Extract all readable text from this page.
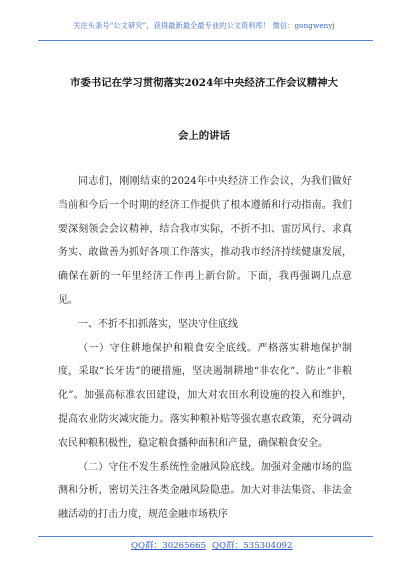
关注头条号“公文研究”，获得最新最全最专业的公文资料库！ 微信：gongwenyj
市委书记在学习贯彻落实2024年中央经济工作会议精神大
会上的讲话

同志们，刚刚结束的2024年中央经济工作会议，为我们做好当前和今后一个时期的经济工作提供了根本遵循和行动指南。我们要深刻领会会议精神，结合我市实际，不折不扣、雷厉风行、求真务实、敢做善为抓好各项工作落实，推动我市经济持续健康发展，确保在新的一年里经济工作再上新台阶。下面，我再强调几点意见。

一、不折不扣抓落实，坚决守住底线

（一）守住耕地保护和粮食安全底线。严格落实耕地保护制度，采取“长牙齿”的硬措施，坚决遏制耕地“非农化”、防止“非粮化”。加强高标准农田建设，加大对农田水利设施的投入和维护，提高农业防灾减灾能力。落实种粮补贴等强农惠农政策，充分调动农民种粮积极性，稳定粮食播种面积和产量，确保粮食安全。

（二）守住不发生系统性金融风险底线。加强对金融市场的监测和分析，密切关注各类金融风险隐患。加大对非法集资、非法金融活动的打击力度，规范金融市场秩序

QQ群：30265665 QQ群：535304092
